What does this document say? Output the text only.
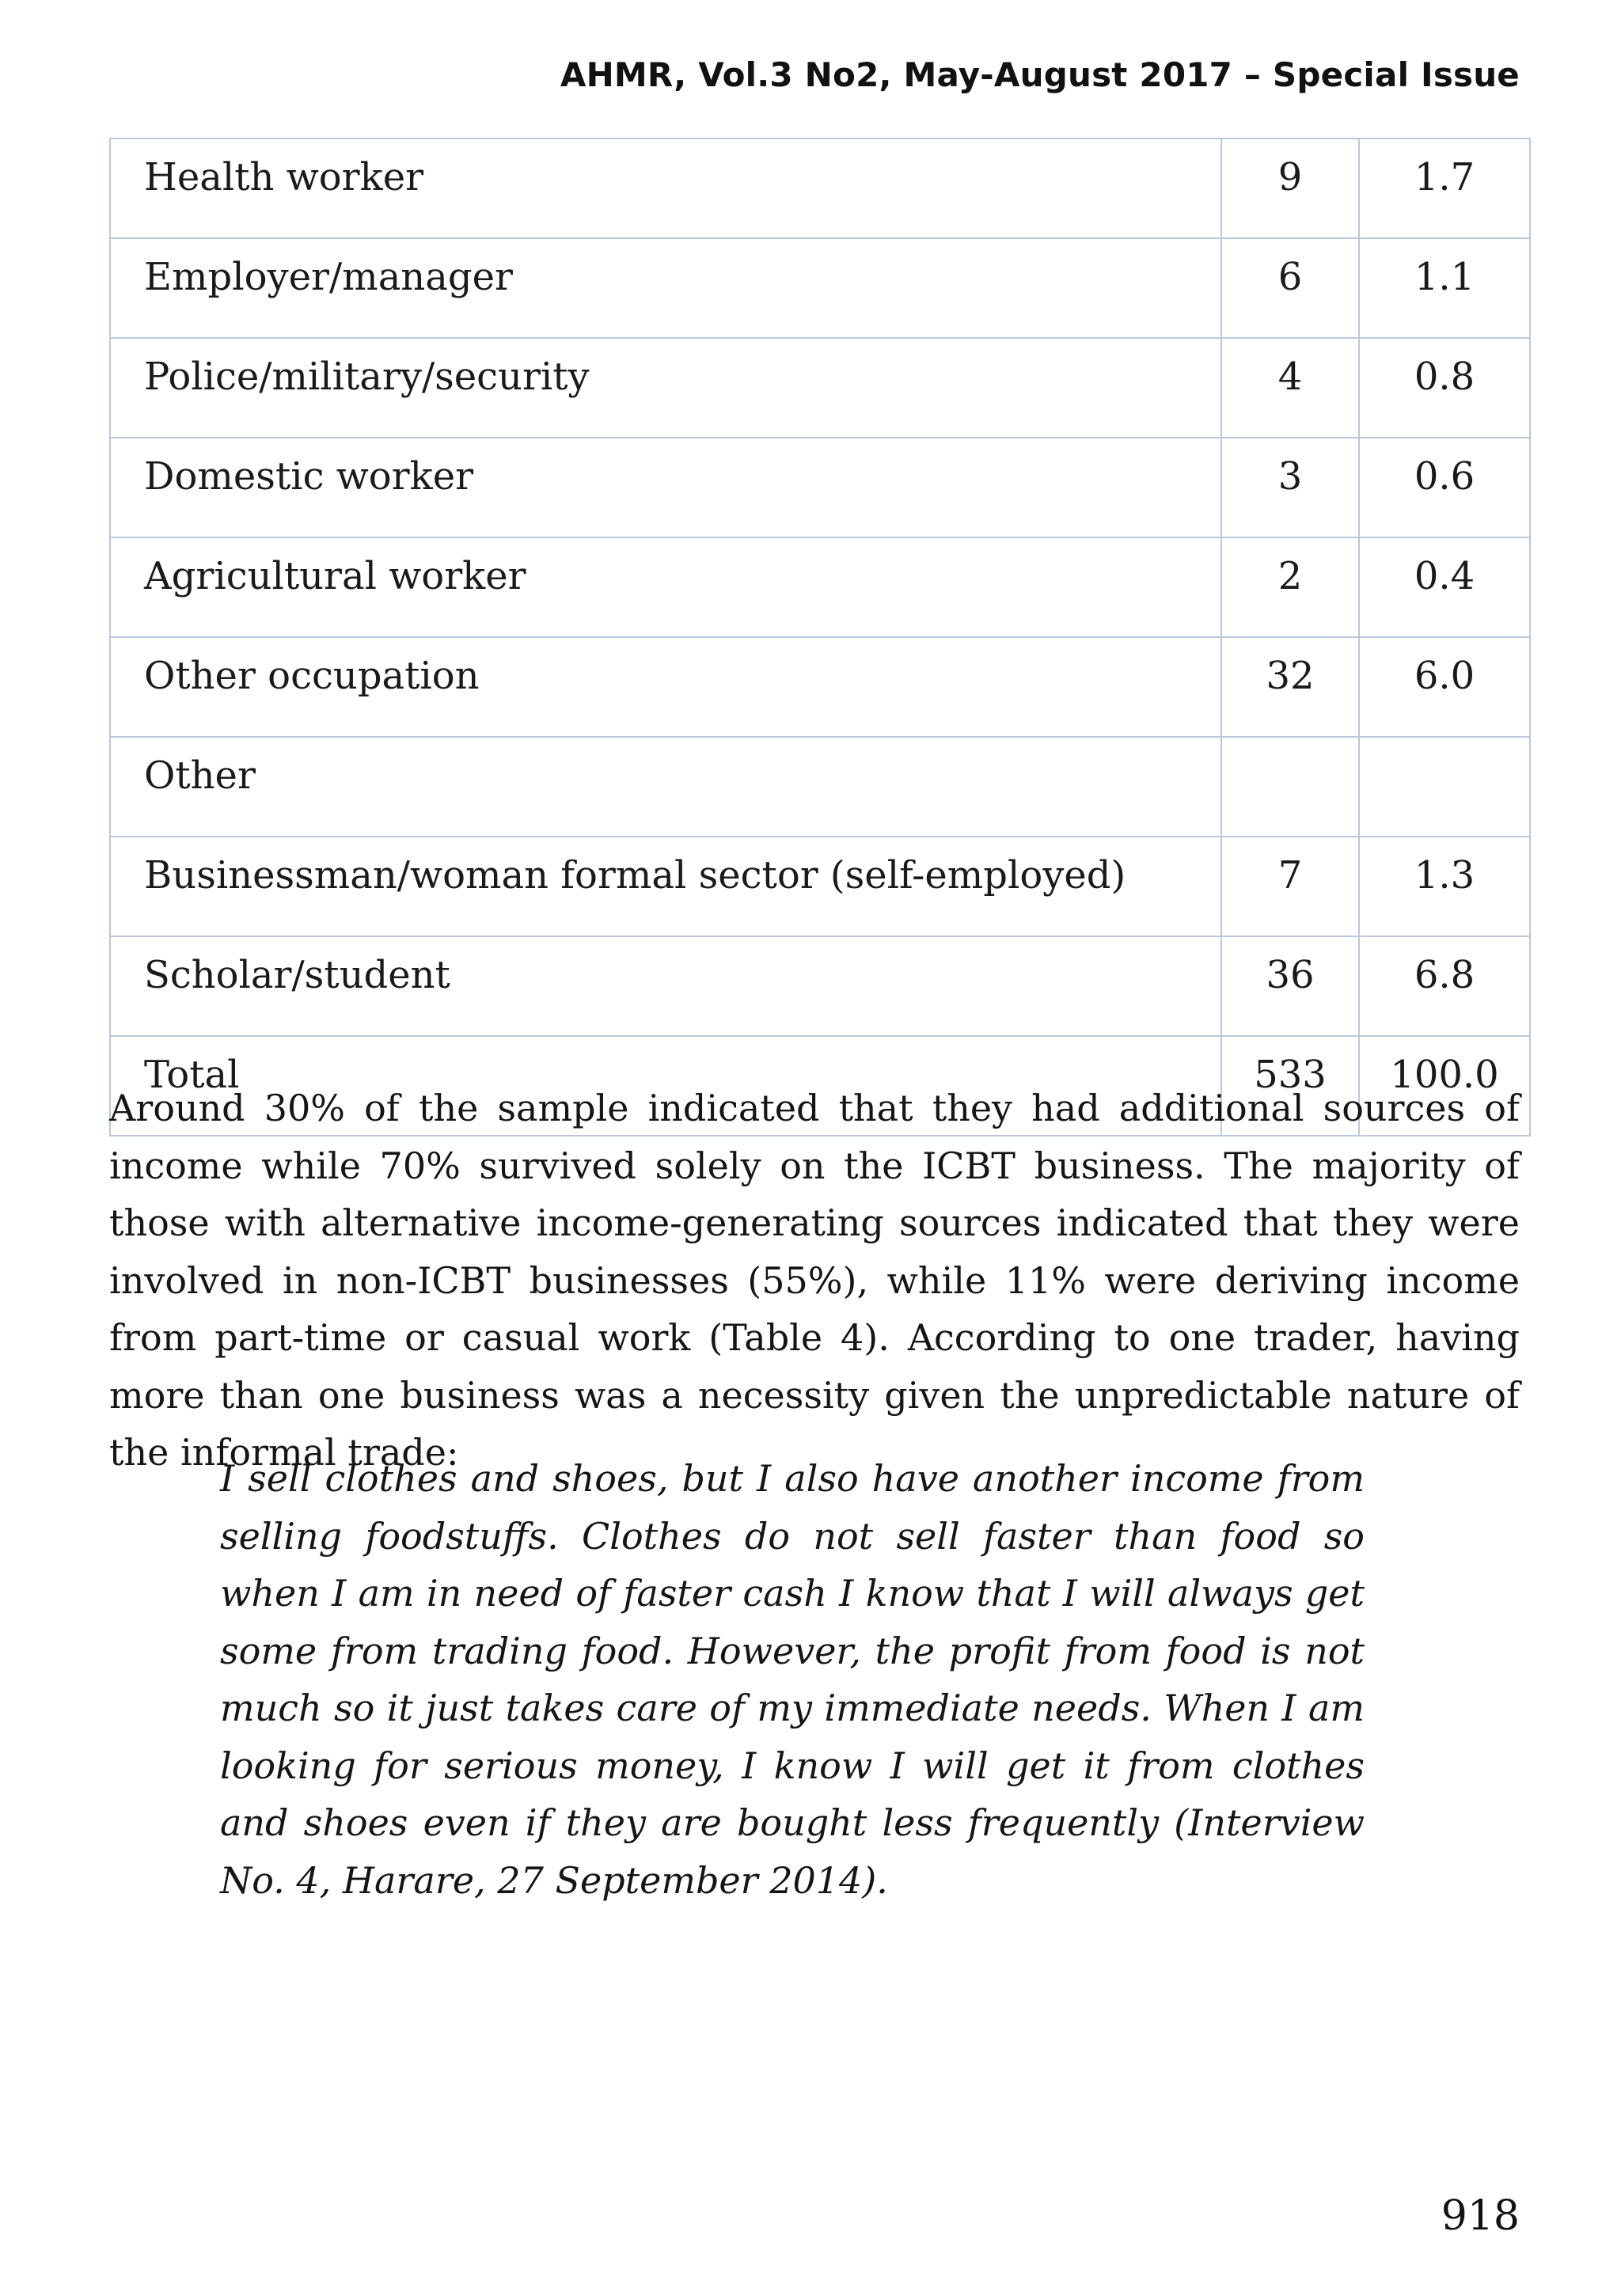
AHMR, Vol.3 No2, May-August 2017 – Special Issue
Health worker	9	1.7
Employer/manager	6	1.1
Police/military/security	4	0.8
Domestic worker	3	0.6
Agricultural worker	2	0.4
Other occupation	32	6.0
Other		
Businessman/woman formal sector (self-employed)	7	1.3
Scholar/student	36	6.8
Total	533	100.0

Around 30% of the sample indicated that they had additional sources of income while 70% survived solely on the ICBT business. The majority of those with alternative income-generating sources indicated that they were involved in non-ICBT businesses (55%), while 11% were deriving income from part-time or casual work (Table 4). According to one trader, having more than one business was a necessity given the unpredictable nature of the informal trade:

I sell clothes and shoes, but I also have another income from selling foodstuffs. Clothes do not sell faster than food so when I am in need of faster cash I know that I will always get some from trading food. However, the profit from food is not much so it just takes care of my immediate needs. When I am looking for serious money, I know I will get it from clothes and shoes even if they are bought less frequently (Interview No. 4, Harare, 27 September 2014).

918
